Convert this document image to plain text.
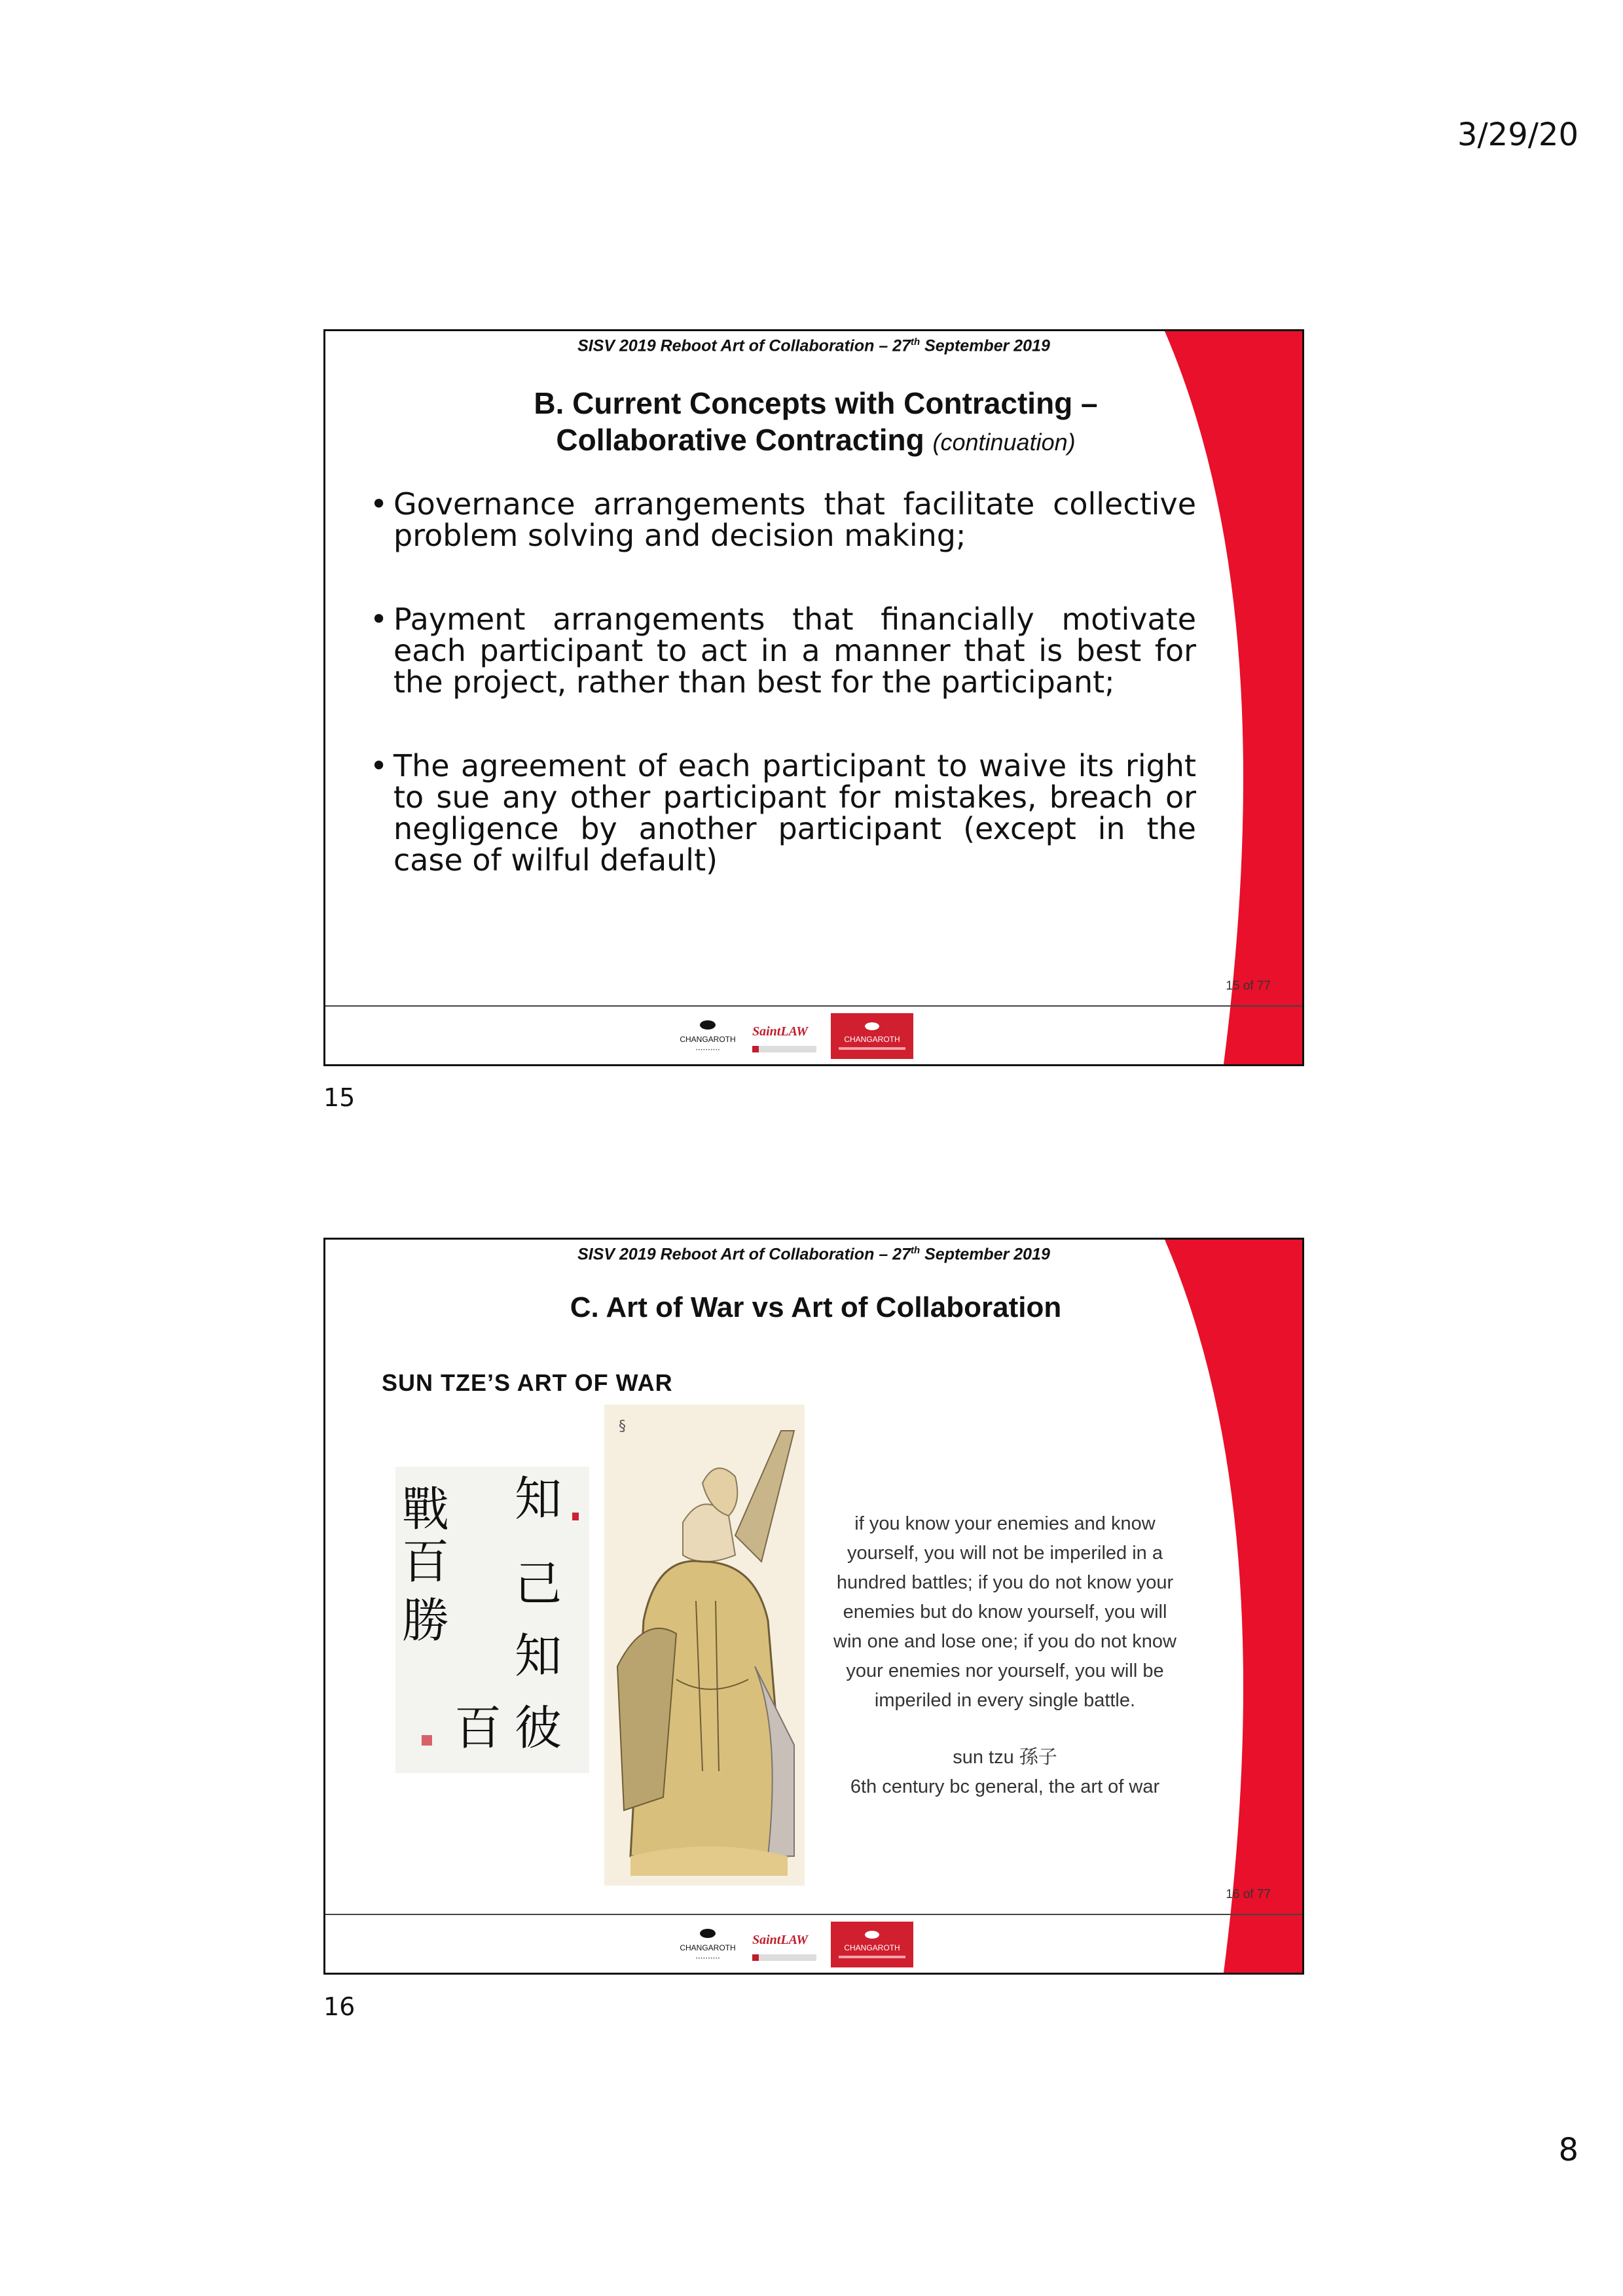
3/29/20
SISV 2019 Reboot Art of Collaboration – 27th September 2019
B. Current Concepts with Contracting –
Collaborative Contracting (continuation)
• Governance arrangements that facilitate collective problem solving and decision making;
• Payment arrangements that financially motivate each participant to act in a manner that is best for the project, rather than best for the participant;
• The agreement of each participant to waive its right to sue any other participant for mistakes, breach or negligence by another participant (except in the case of wilful default)
15 of 77
CHANGAROTH
• • • • • • • • • •
SaintLAW
CHANGAROTH
15
SISV 2019 Reboot Art of Collaboration – 27th September 2019
C. Art of War vs Art of Collaboration
SUN TZE’S ART OF WAR
知
己
知
彼
百
戰
百
勝
§
if you know your enemies and know
yourself, you will not be imperiled in a
hundred battles; if you do not know your
enemies but do know yourself, you will
win one and lose one; if you do not know
your enemies nor yourself, you will be
imperiled in every single battle.
sun tzu 孫子
6th century bc general, the art of war
16 of 77
CHANGAROTH
• • • • • • • • • •
SaintLAW
CHANGAROTH
16
8
